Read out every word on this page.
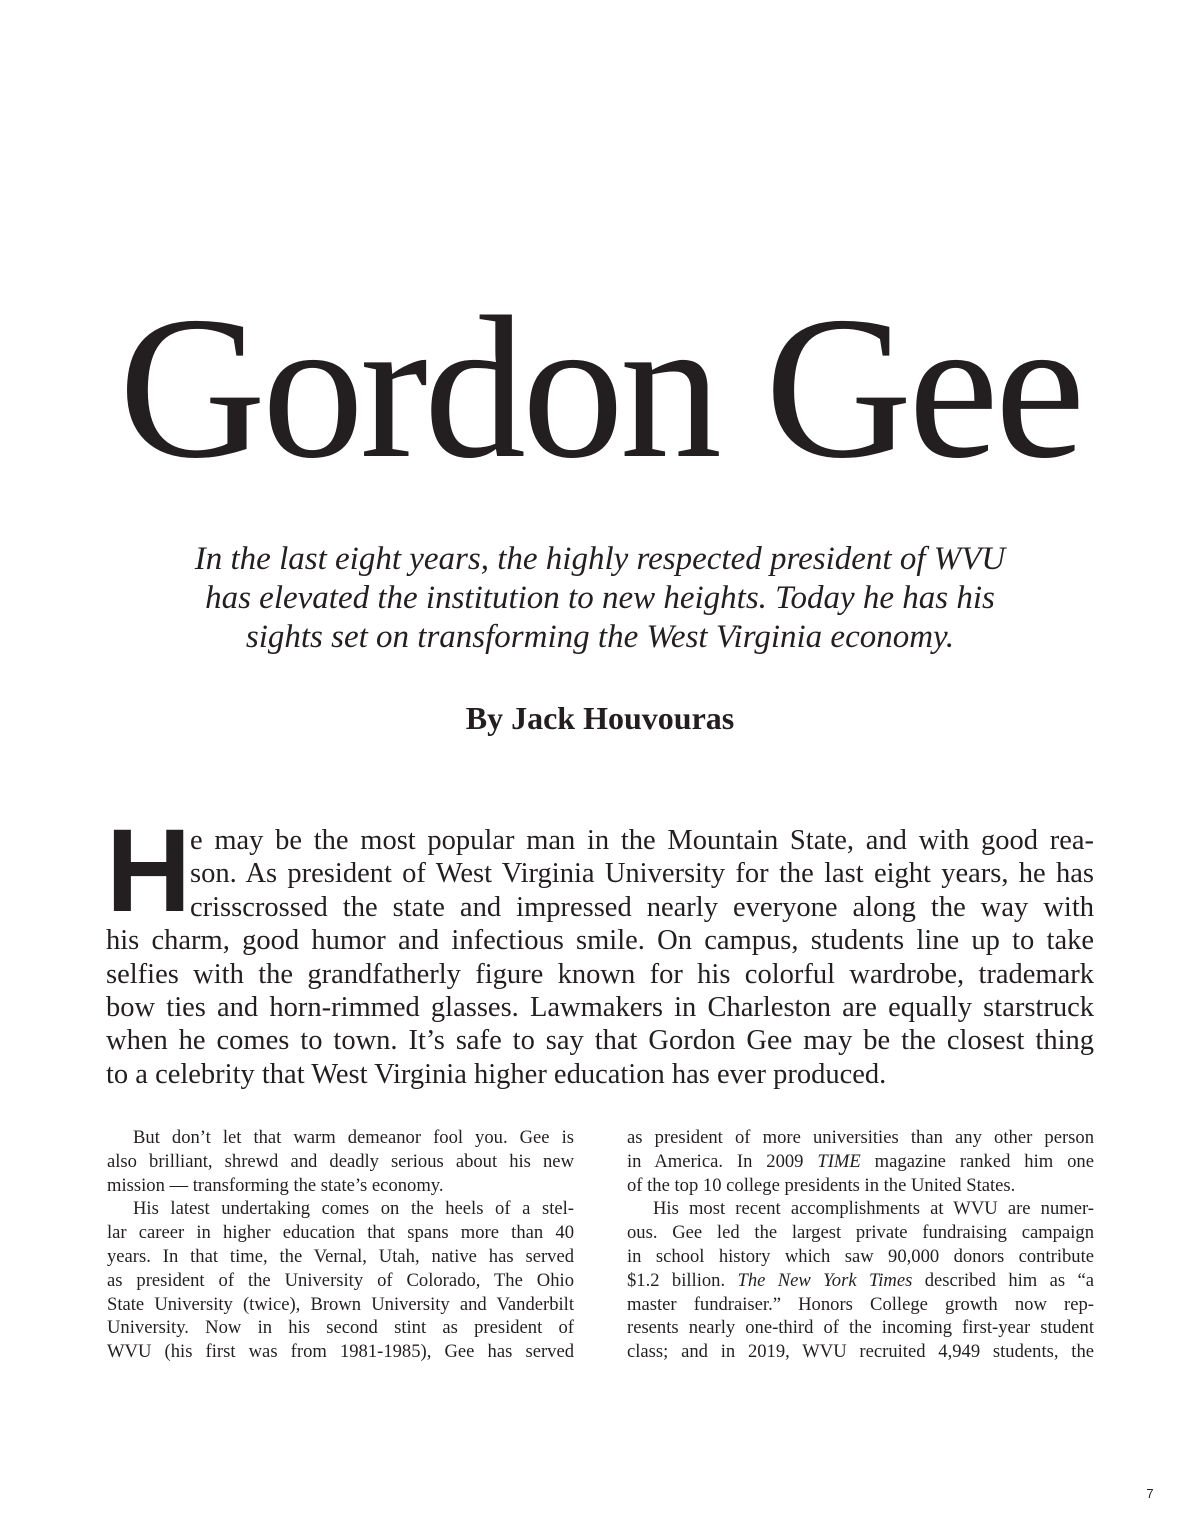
Gordon Gee
In the last eight years, the highly respected president of WVU
has elevated the institution to new heights. Today he has his
sights set on transforming the West Virginia economy.
By Jack Houvouras
H
e may be the most popular man in the Mountain State, and with good rea-
son. As president of West Virginia University for the last eight years, he has
crisscrossed the state and impressed nearly everyone along the way with
his charm, good humor and infectious smile. On campus, students line up to take
selfies with the grandfatherly figure known for his colorful wardrobe, trademark
bow ties and horn-rimmed glasses. Lawmakers in Charleston are equally starstruck
when he comes to town. It’s safe to say that Gordon Gee may be the closest thing
to a celebrity that West Virginia higher education has ever produced.
But don’t let that warm demeanor fool you. Gee is
also brilliant, shrewd and deadly serious about his new
mission — transforming the state’s economy.
His latest undertaking comes on the heels of a stel-
lar career in higher education that spans more than 40
years. In that time, the Vernal, Utah, native has served
as president of the University of Colorado, The Ohio
State University (twice), Brown University and Vanderbilt
University. Now in his second stint as president of
WVU (his first was from 1981-1985), Gee has served
as president of more universities than any other person
in America. In 2009 TIME magazine ranked him one
of the top 10 college presidents in the United States.
His most recent accomplishments at WVU are numer-
ous. Gee led the largest private fundraising campaign
in school history which saw 90,000 donors contribute
$1.2 billion. The New York Times described him as “a
master fundraiser.” Honors College growth now rep-
resents nearly one-third of the incoming first-year student
class; and in 2019, WVU recruited 4,949 students, the
7
